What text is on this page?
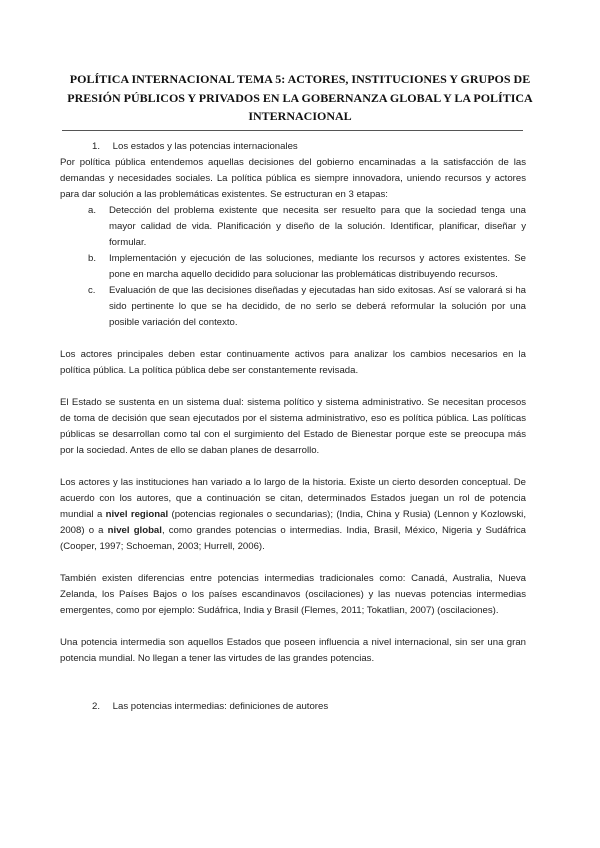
POLÍTICA INTERNACIONAL TEMA 5: ACTORES, INSTITUCIONES Y GRUPOS DE PRESIÓN PÚBLICOS Y PRIVADOS EN LA GOBERNANZA GLOBAL Y LA POLÍTICA INTERNACIONAL
1. Los estados y las potencias internacionales

Por política pública entendemos aquellas decisiones del gobierno encaminadas a la satisfacción de las demandas y necesidades sociales. La política pública es siempre innovadora, uniendo recursos y actores para dar solución a las problemáticas existentes. Se estructuran en 3 etapas:

a. Detección del problema existente que necesita ser resuelto para que la sociedad tenga una mayor calidad de vida. Planificación y diseño de la solución. Identificar, planificar, diseñar y formular.
b. Implementación y ejecución de las soluciones, mediante los recursos y actores existentes. Se pone en marcha aquello decidido para solucionar las problemáticas distribuyendo recursos.
c. Evaluación de que las decisiones diseñadas y ejecutadas han sido exitosas. Así se valorará si ha sido pertinente lo que se ha decidido, de no serlo se deberá reformular la solución por una posible variación del contexto.

Los actores principales deben estar continuamente activos para analizar los cambios necesarios en la política pública. La política pública debe ser constantemente revisada.

El Estado se sustenta en un sistema dual: sistema político y sistema administrativo. Se necesitan procesos de toma de decisión que sean ejecutados por el sistema administrativo, eso es política pública. Las políticas públicas se desarrollan como tal con el surgimiento del Estado de Bienestar porque este se preocupa más por la sociedad. Antes de ello se daban planes de desarrollo.

Los actores y las instituciones han variado a lo largo de la historia. Existe un cierto desorden conceptual. De acuerdo con los autores, que a continuación se citan, determinados Estados juegan un rol de potencia mundial a nivel regional (potencias regionales o secundarias); (India, China y Rusia) (Lennon y Kozlowski, 2008) o a nivel global, como grandes potencias o intermedias. India, Brasil, México, Nigeria y Sudáfrica (Cooper, 1997; Schoeman, 2003; Hurrell, 2006).

También existen diferencias entre potencias intermedias tradicionales como: Canadá, Australia, Nueva Zelanda, los Países Bajos o los países escandinavos (oscilaciones) y las nuevas potencias intermedias emergentes, como por ejemplo: Sudáfrica, India y Brasil (Flemes, 2011; Tokatlian, 2007) (oscilaciones).

Una potencia intermedia son aquellos Estados que poseen influencia a nivel internacional, sin ser una gran potencia mundial. No llegan a tener las virtudes de las grandes potencias.

2. Las potencias intermedias: definiciones de autores
